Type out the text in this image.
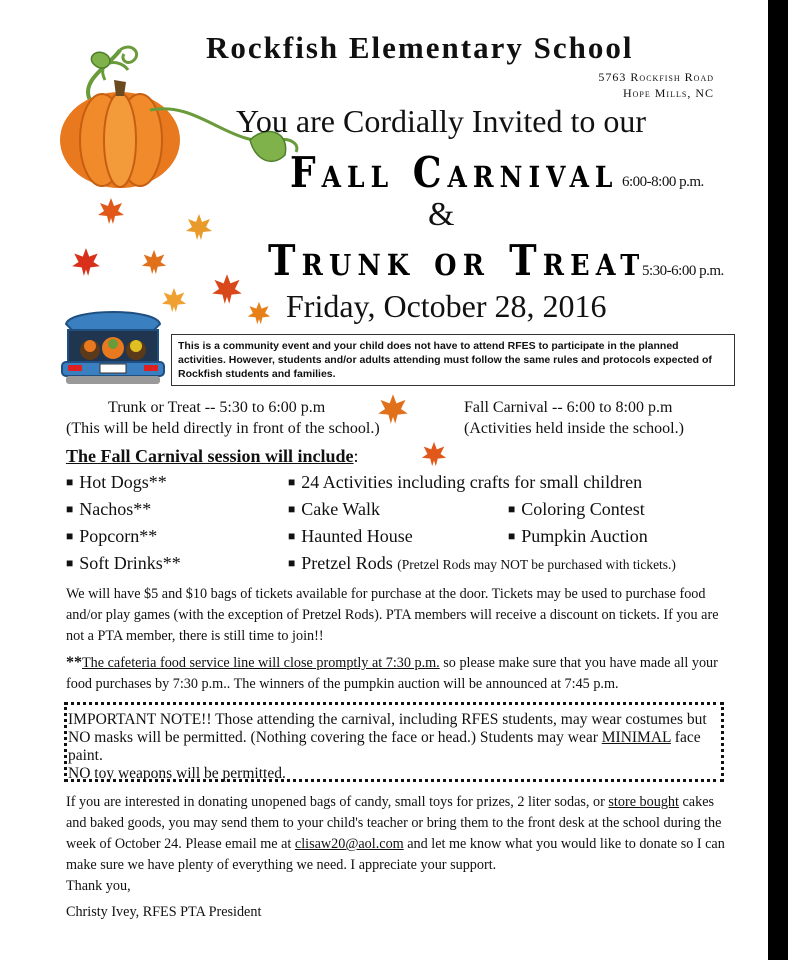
Rockfish Elementary School
5763 Rockfish Road
Hope Mills, NC
You are Cordially Invited to our
Fall Carnival 6:00-8:00 p.m.
&
Trunk or Treat
5:30-6:00 p.m.
Friday, October 28, 2016
This is a community event and your child does not have to attend RFES to participate in the planned activities. However, students and/or adults attending must follow the same rules and protocols expected of Rockfish students and families.
Trunk or Treat -- 5:30 to 6:00 p.m
(This will be held directly in front of the school.)
Fall Carnival -- 6:00 to 8:00 p.m
(Activities held inside the school.)
The Fall Carnival session will include:
■ Hot Dogs**
■ Nachos**
■ Popcorn**
■ Soft Drinks**
■ 24 Activities including crafts for small children
■ Cake Walk
■ Haunted House
■ Pretzel Rods (Pretzel Rods may NOT be purchased with tickets.)
■ Coloring Contest
■ Pumpkin Auction
We will have $5 and $10 bags of tickets available for purchase at the door. Tickets may be used to purchase food and/or play games (with the exception of Pretzel Rods). PTA members will receive a discount on tickets. If you are not a PTA member, there is still time to join!!
**The cafeteria food service line will close promptly at 7:30 p.m. so please make sure that you have made all your food purchases by 7:30 p.m.. The winners of the pumpkin auction will be announced at 7:45 p.m.
IMPORTANT NOTE!! Those attending the carnival, including RFES students, may wear costumes but NO masks will be permitted. (Nothing covering the face or head.) Students may wear MINIMAL face paint.
NO toy weapons will be permitted.
If you are interested in donating unopened bags of candy, small toys for prizes, 2 liter sodas, or store bought cakes and baked goods, you may send them to your child's teacher or bring them to the front desk at the school during the week of October 24. Please email me at clisaw20@aol.com and let me know what you would like to donate so I can make sure we have plenty of everything we need. I appreciate your support.
Thank you,
Christy Ivey, RFES PTA President
